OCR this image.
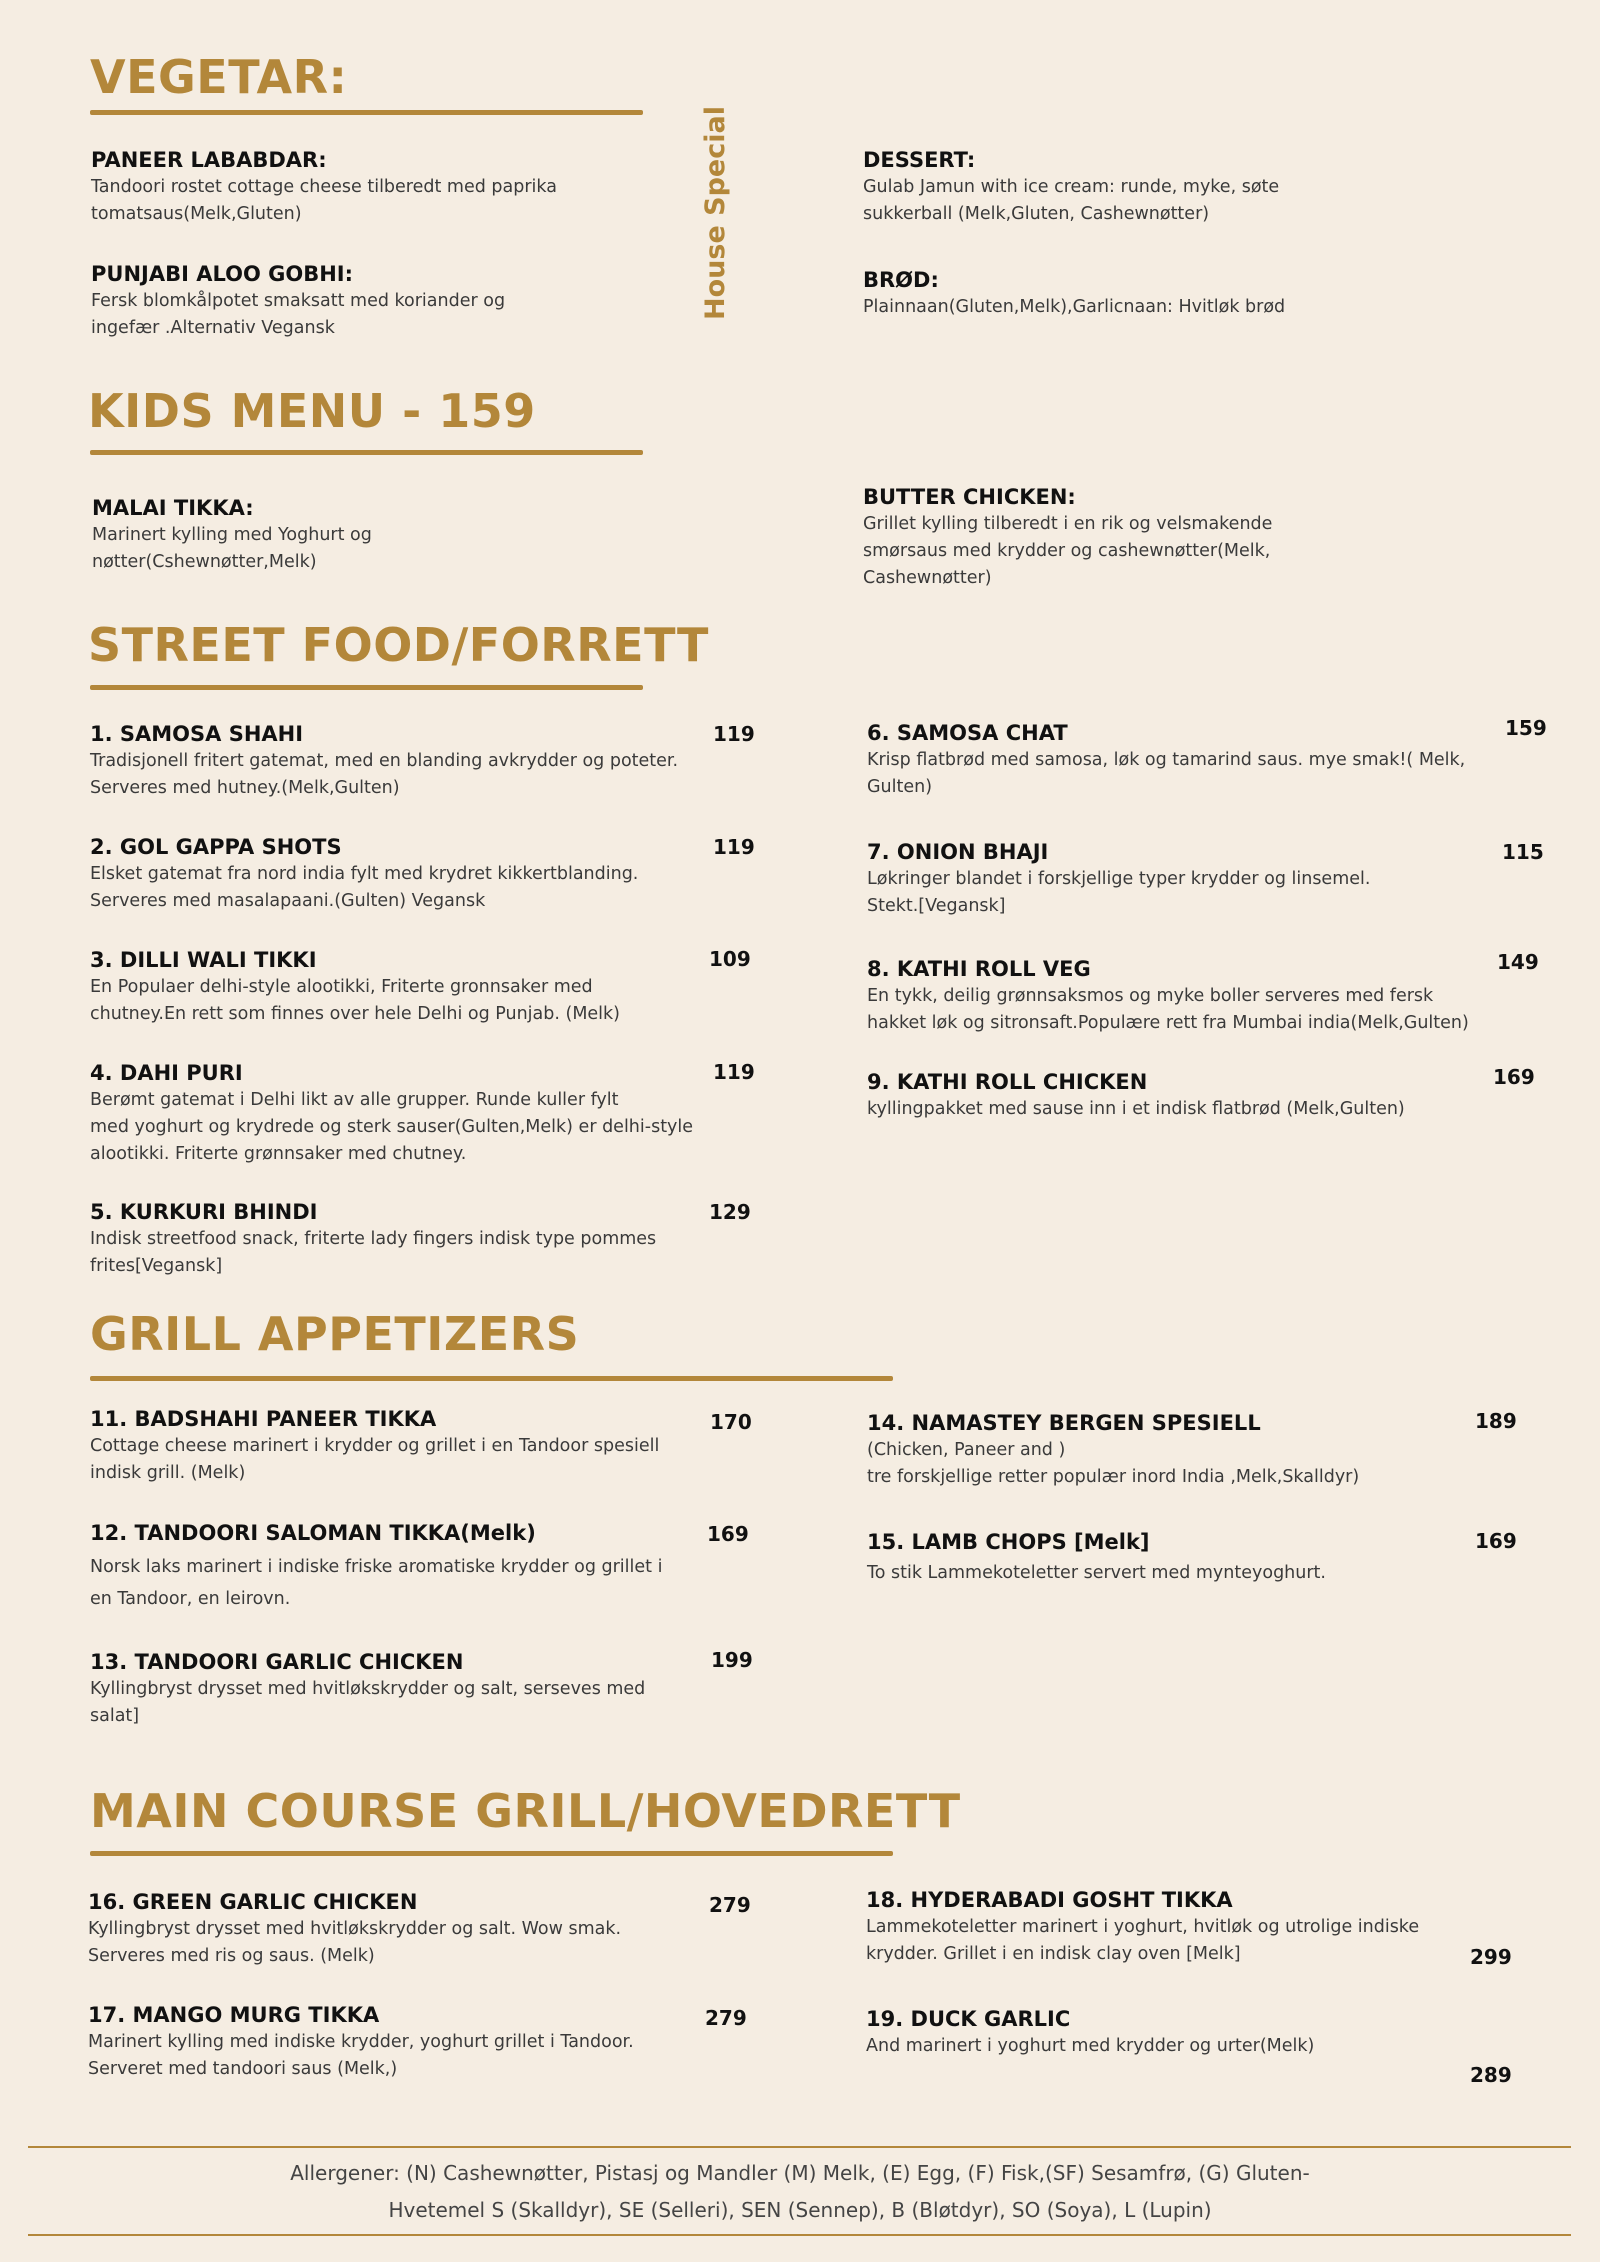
VEGETAR:
PANEER LABABDAR:
Tandoori rostet cottage cheese tilberedt med paprika
tomatsaus(Melk,Gluten)
PUNJABI ALOO GOBHI:
Fersk blomkålpotet smaksatt med koriander og
ingefær .Alternativ Vegansk
House Special	DESSERT:
Gulab Jamun with ice cream: runde, myke, søte
sukkerball (Melk,Gluten, Cashewnøtter)
BRØD:
Plainnaan(Gluten,Melk),Garlicnaan: Hvitløk brød
KIDS MENU - 159
MALAI TIKKA:
Marinert kylling med Yoghurt og
nøtter(Cshewnøtter,Melk)
BUTTER CHICKEN:
Grillet kylling tilberedt i en rik og velsmakende
smørsaus med krydder og cashewnøtter(Melk,
Cashewnøtter)
STREET FOOD/FORRETT
1. SAMOSA SHAHI
Tradisjonell fritert gatemat, med en blanding avkrydder og poteter.
Serveres med hutney.(Melk,Gulten)
119
2. GOL GAPPA SHOTS
Elsket gatemat fra nord india fylt med krydret kikkertblanding.
Serveres med masalapaani.(Gulten) Vegansk
119
3. DILLI WALI TIKKI
En Populaer delhi-style alootikki, Friterte gronnsaker med
chutney.En rett som finnes over hele Delhi og Punjab. (Melk)
109
4. DAHI PURI
Berømt gatemat i Delhi likt av alle grupper. Runde kuller fylt
med yoghurt og krydrede og sterk sauser(Gulten,Melk) er delhi-style
alootikki. Friterte grønnsaker med chutney.
119
5. KURKURI BHINDI
Indisk streetfood snack, friterte lady fingers indisk type pommes
frites[Vegansk]
129
6. SAMOSA CHAT
Krisp flatbrød med samosa, løk og tamarind saus. mye smak!( Melk,
Gulten)
159
7. ONION BHAJI
Løkringer blandet i forskjellige typer krydder og linsemel.
Stekt.[Vegansk]
115
8. KATHI ROLL VEG
En tykk, deilig grønnsaksmos og myke boller serveres med fersk
hakket løk og sitronsaft.Populære rett fra Mumbai india(Melk,Gulten)
149
9. KATHI ROLL CHICKEN
kyllingpakket med sause inn i et indisk flatbrød (Melk,Gulten)
169
GRILL APPETIZERS
11. BADSHAHI PANEER TIKKA
Cottage cheese marinert i krydder og grillet i en Tandoor spesiell
indisk grill. (Melk)
170
12. TANDOORI SALOMAN TIKKA(Melk)
Norsk laks marinert i indiske friske aromatiske krydder og grillet i
en Tandoor, en leirovn.
169
13. TANDOORI GARLIC CHICKEN
Kyllingbryst drysset med hvitløkskrydder og salt, serseves med
salat]
199
14. NAMASTEY BERGEN SPESIELL
(Chicken, Paneer and )
tre forskjellige retter populær inord India ,Melk,Skalldyr)
189
15. LAMB CHOPS [Melk]
To stik Lammekoteletter servert med mynteyoghurt.
169
MAIN COURSE GRILL/HOVEDRETT
16. GREEN GARLIC CHICKEN
Kyllingbryst drysset med hvitløkskrydder og salt. Wow smak.
Serveres med ris og saus. (Melk)
279
17. MANGO MURG TIKKA
Marinert kylling med indiske krydder, yoghurt grillet i Tandoor.
Serveret med tandoori saus (Melk,)
279
18. HYDERABADI GOSHT TIKKA
Lammekoteletter marinert i yoghurt, hvitløk og utrolige indiske
krydder. Grillet i en indisk clay oven [Melk]	299
19. DUCK GARLIC
And marinert i yoghurt med krydder og urter(Melk)
289
Allergener: (N) Cashewnøtter, Pistasj og Mandler (M) Melk, (E) Egg, (F) Fisk,(SF) Sesamfrø, (G) Gluten-
Hvetemel S (Skalldyr), SE (Selleri), SEN (Sennep), B (Bløtdyr), SO (Soya), L (Lupin)
